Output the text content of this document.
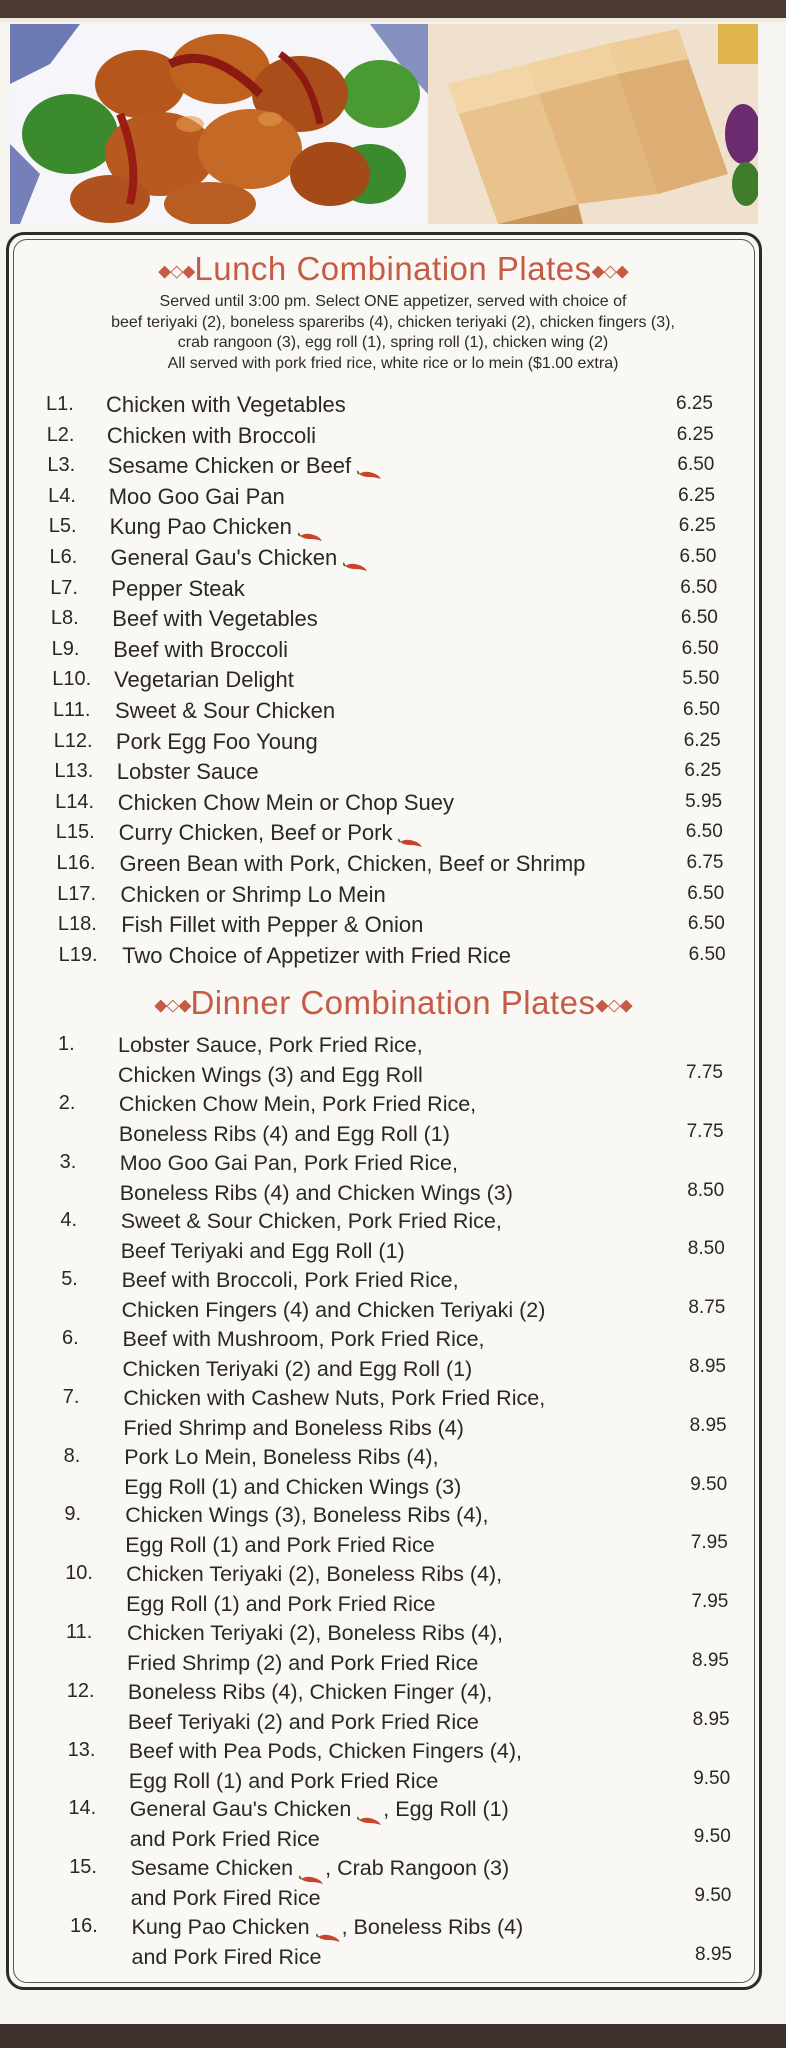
◆◇◆Lunch Combination Plates◆◇◆
Served until 3:00 pm. Select ONE appetizer, served with choice of
beef teriyaki (2), boneless spareribs (4), chicken teriyaki (2), chicken fingers (3),
crab rangoon (3), egg roll (1), spring roll (1), chicken wing (2)
All served with pork fried rice, white rice or lo mein ($1.00 extra)
L1. Chicken with Vegetables	6.25
L2. Chicken with Broccoli	6.25
L3. Sesame Chicken or Beef	6.50
L4. Moo Goo Gai Pan	6.25
L5. Kung Pao Chicken	6.25
L6. General Gau's Chicken	6.50
L7. Pepper Steak	6.50
L8. Beef with Vegetables	6.50
L9. Beef with Broccoli	6.50
L10. Vegetarian Delight	5.50
L11. Sweet & Sour Chicken	6.50
L12. Pork Egg Foo Young	6.25
L13. Lobster Sauce	6.25
L14. Chicken Chow Mein or Chop Suey	5.95
L15. Curry Chicken, Beef or Pork	6.50
L16. Green Bean with Pork, Chicken, Beef or Shrimp	6.75
L17. Chicken or Shrimp Lo Mein	6.50
L18. Fish Fillet with Pepper & Onion	6.50
L19. Two Choice of Appetizer with Fried Rice	6.50
◆◇◆Dinner Combination Plates◆◇◆
1. Lobster Sauce, Pork Fried Rice,
Chicken Wings (3) and Egg Roll	7.75
2. Chicken Chow Mein, Pork Fried Rice,
Boneless Ribs (4) and Egg Roll (1)	7.75
3. Moo Goo Gai Pan, Pork Fried Rice,
Boneless Ribs (4) and Chicken Wings (3)	8.50
4. Sweet & Sour Chicken, Pork Fried Rice,
Beef Teriyaki and Egg Roll (1)	8.50
5. Beef with Broccoli, Pork Fried Rice,
Chicken Fingers (4) and Chicken Teriyaki (2)	8.75
6. Beef with Mushroom, Pork Fried Rice,
Chicken Teriyaki (2) and Egg Roll (1)	8.95
7. Chicken with Cashew Nuts, Pork Fried Rice,
Fried Shrimp and Boneless Ribs (4)	8.95
8. Pork Lo Mein, Boneless Ribs (4),
Egg Roll (1) and Chicken Wings (3)	9.50
9. Chicken Wings (3), Boneless Ribs (4),
Egg Roll (1) and Pork Fried Rice	7.95
10. Chicken Teriyaki (2), Boneless Ribs (4),
Egg Roll (1) and Pork Fried Rice	7.95
11. Chicken Teriyaki (2), Boneless Ribs (4),
Fried Shrimp (2) and Pork Fried Rice	8.95
12. Boneless Ribs (4), Chicken Finger (4),
Beef Teriyaki (2) and Pork Fried Rice	8.95
13. Beef with Pea Pods, Chicken Fingers (4),
Egg Roll (1) and Pork Fried Rice	9.50
14. General Gau's Chicken , Egg Roll (1)
and Pork Fried Rice	9.50
15. Sesame Chicken , Crab Rangoon (3)
and Pork Fired Rice	9.50
16. Kung Pao Chicken , Boneless Ribs (4)
and Pork Fired Rice	8.95
